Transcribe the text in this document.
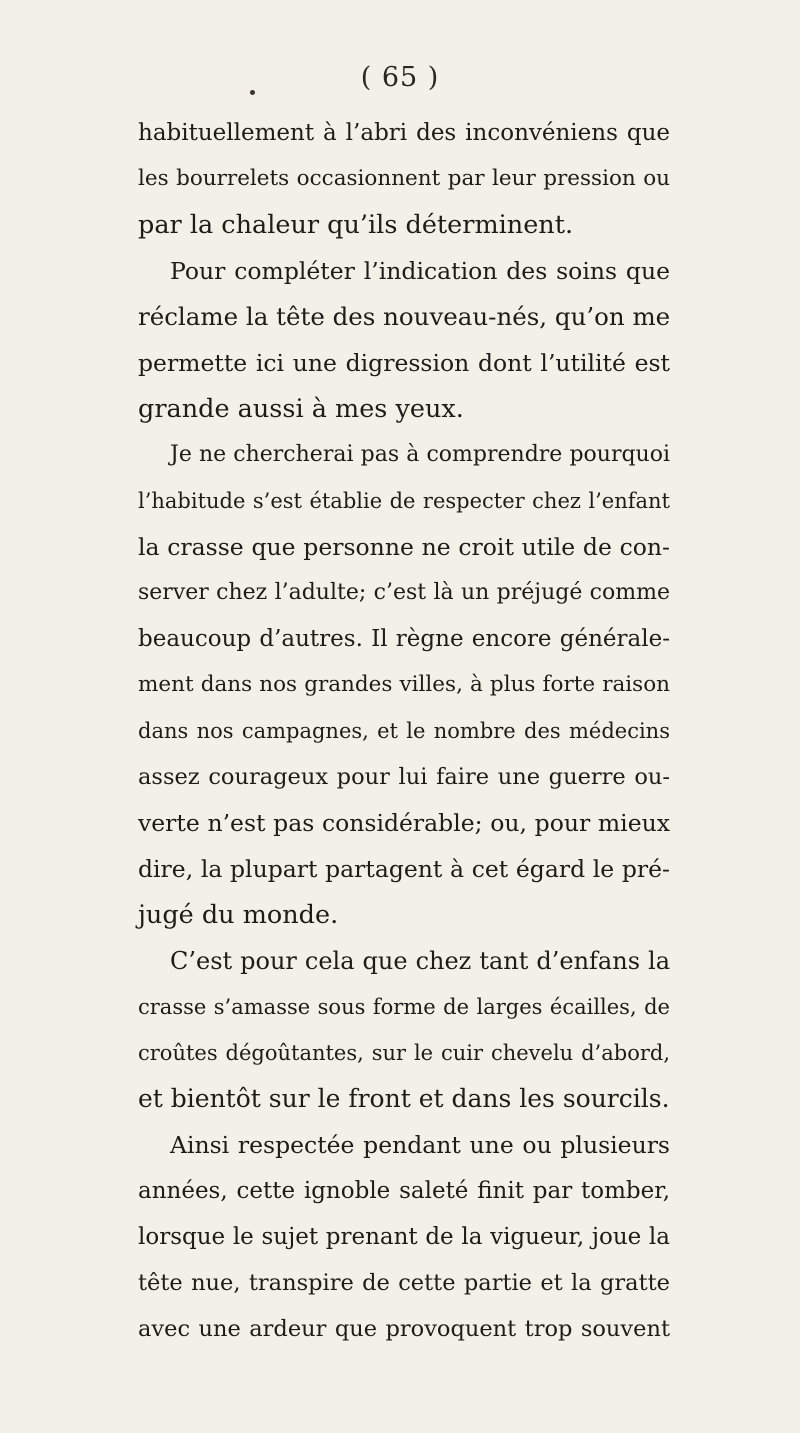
( 65 )
habituellement à l’abri des inconvéniens que
les bourrelets occasionnent par leur pression ou
par la chaleur qu’ils déterminent.
Pour compléter l’indication des soins que
réclame la tête des nouveau-nés, qu’on me
permette ici une digression dont l’utilité est
grande aussi à mes yeux.
Je ne chercherai pas à comprendre pourquoi
l’habitude s’est établie de respecter chez l’enfant
la crasse que personne ne croit utile de con-
server chez l’adulte; c’est là un préjugé comme
beaucoup d’autres. Il règne encore générale-
ment dans nos grandes villes, à plus forte raison
dans nos campagnes, et le nombre des médecins
assez courageux pour lui faire une guerre ou-
verte n’est pas considérable; ou, pour mieux
dire, la plupart partagent à cet égard le pré-
jugé du monde.
C’est pour cela que chez tant d’enfans la
crasse s’amasse sous forme de larges écailles, de
croûtes dégoûtantes, sur le cuir chevelu d’abord,
et bientôt sur le front et dans les sourcils.
Ainsi respectée pendant une ou plusieurs
années, cette ignoble saleté finit par tomber,
lorsque le sujet prenant de la vigueur, joue la
tête nue, transpire de cette partie et la gratte
avec une ardeur que provoquent trop souvent
